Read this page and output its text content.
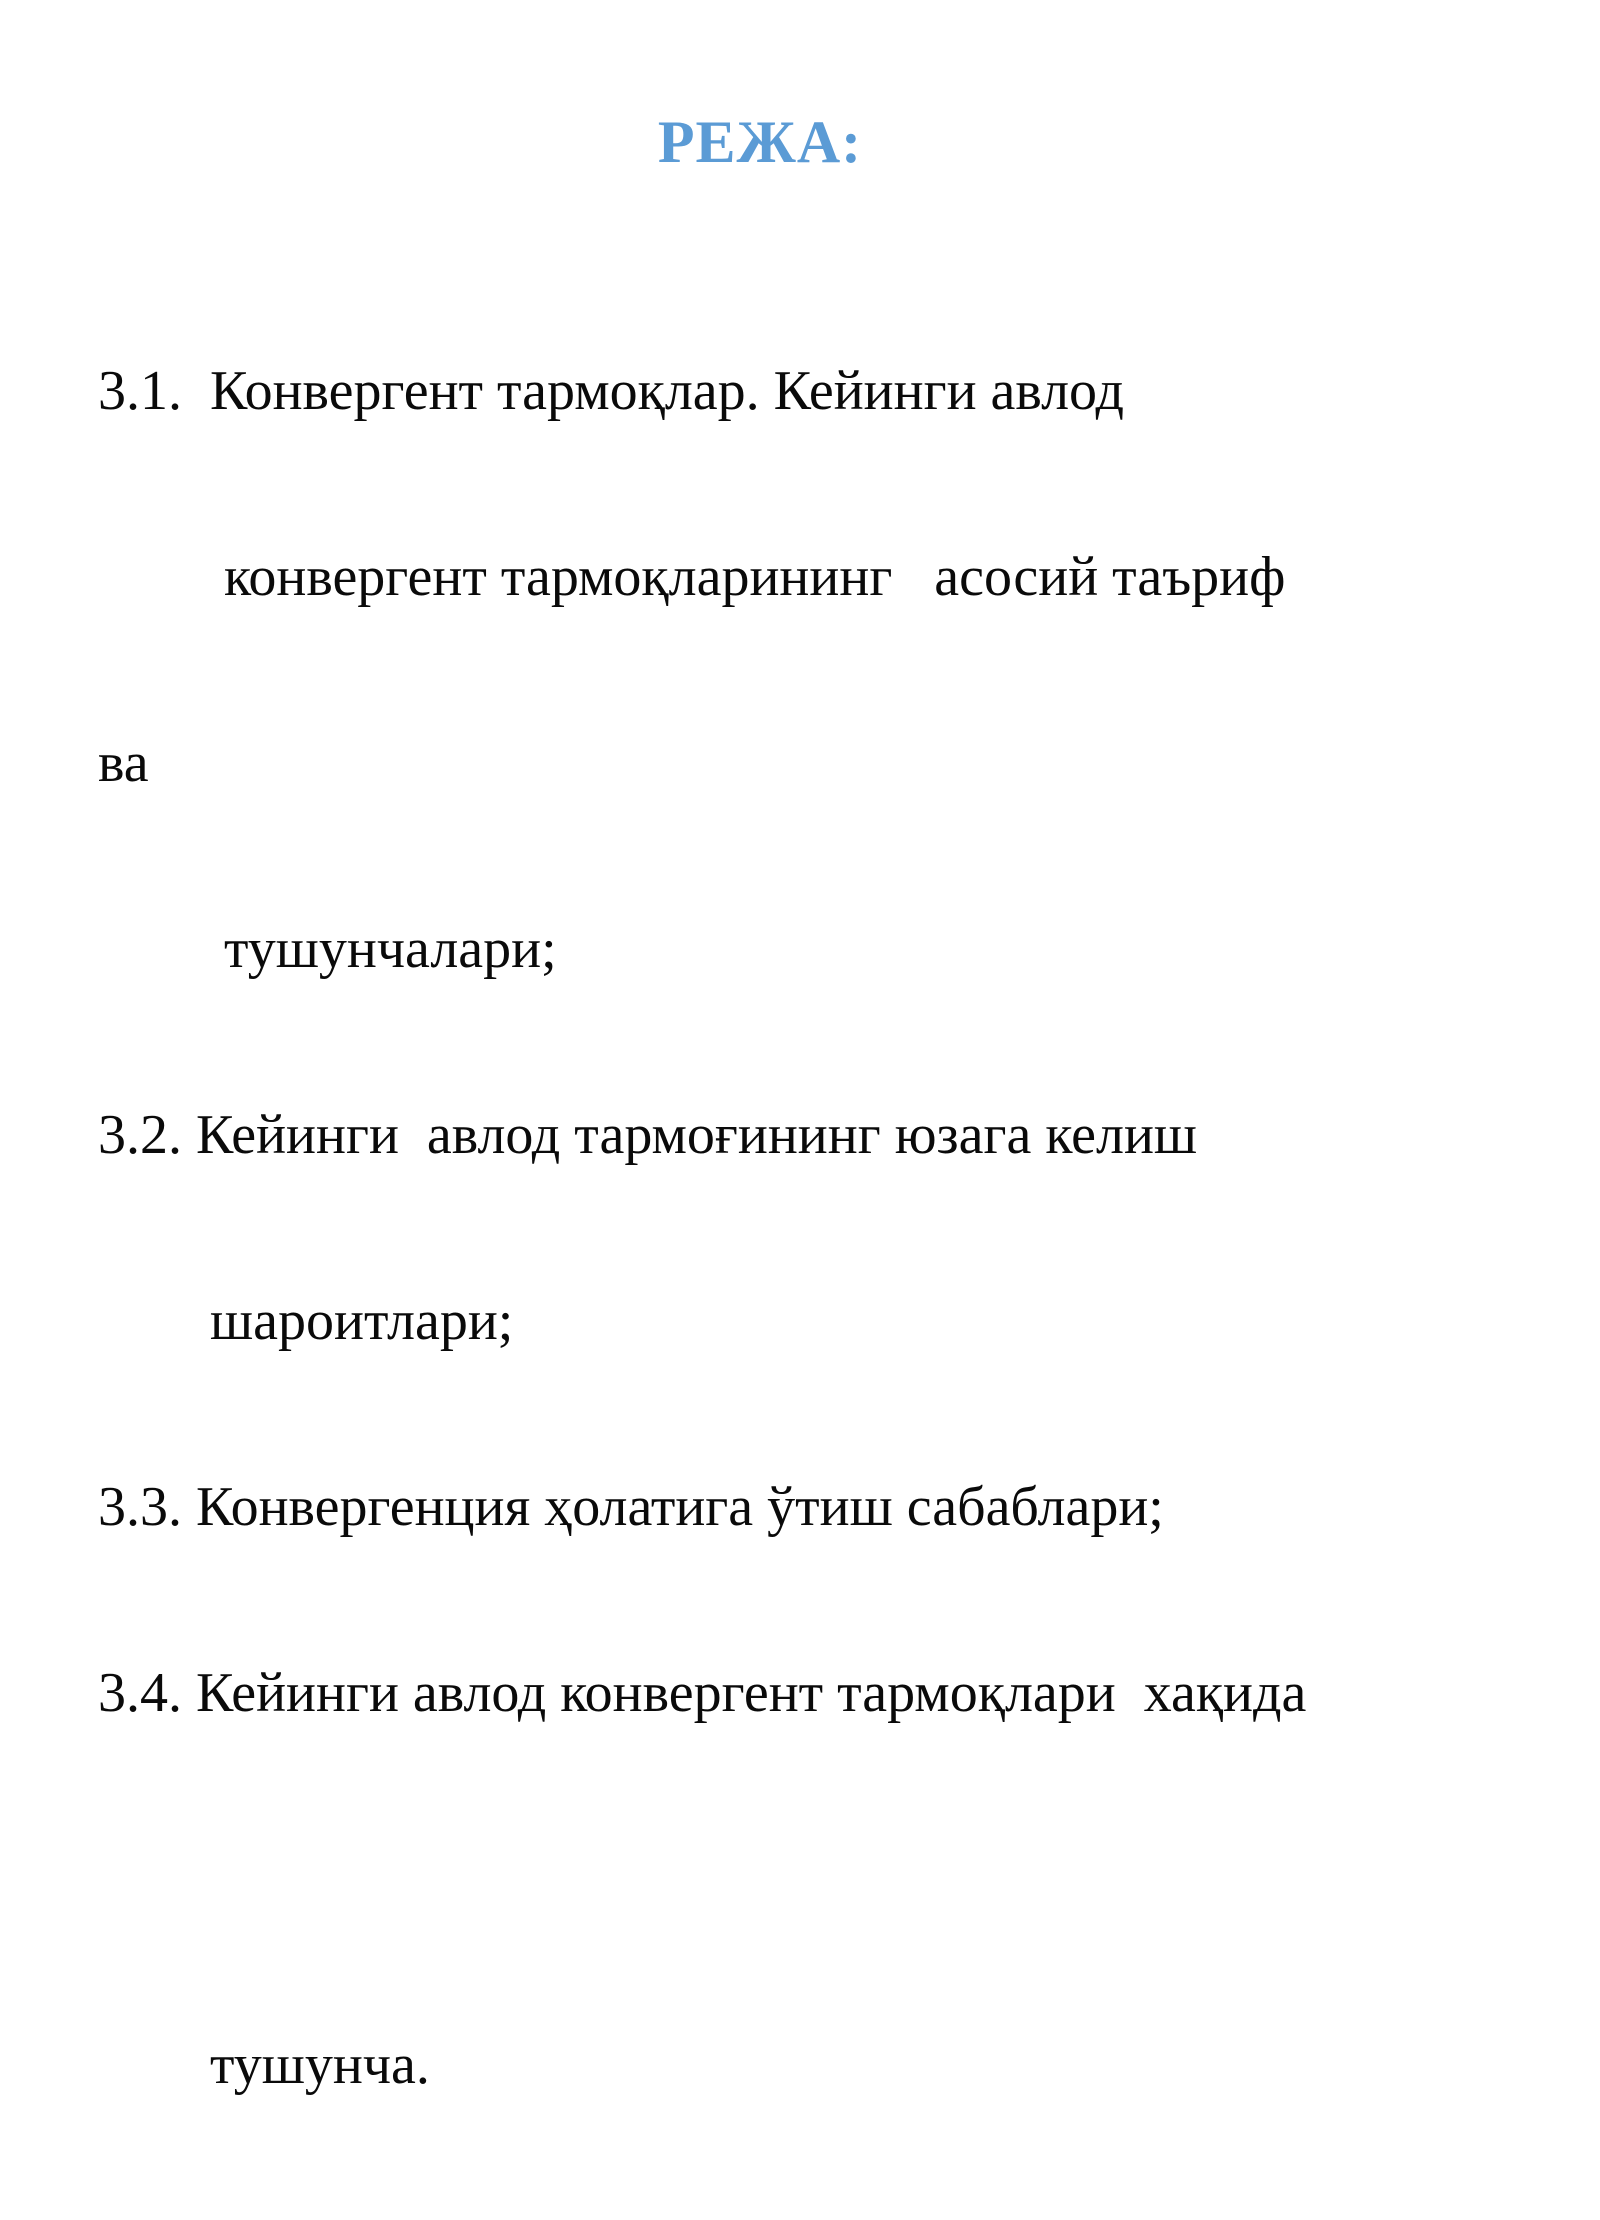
РЕЖА:

3.1.  Конвергент тармоқлар. Кейинги авлод

конвергент тармоқларининг   асосий таъриф

ва

тушунчалари;

3.2. Кейинги  авлод тармоғининг юзага келиш

шароитлари;

3.3. Конвергенция ҳолатига ўтиш сабаблари;

3.4. Кейинги авлод конвергент тармоқлари  хақида

тушунча.
